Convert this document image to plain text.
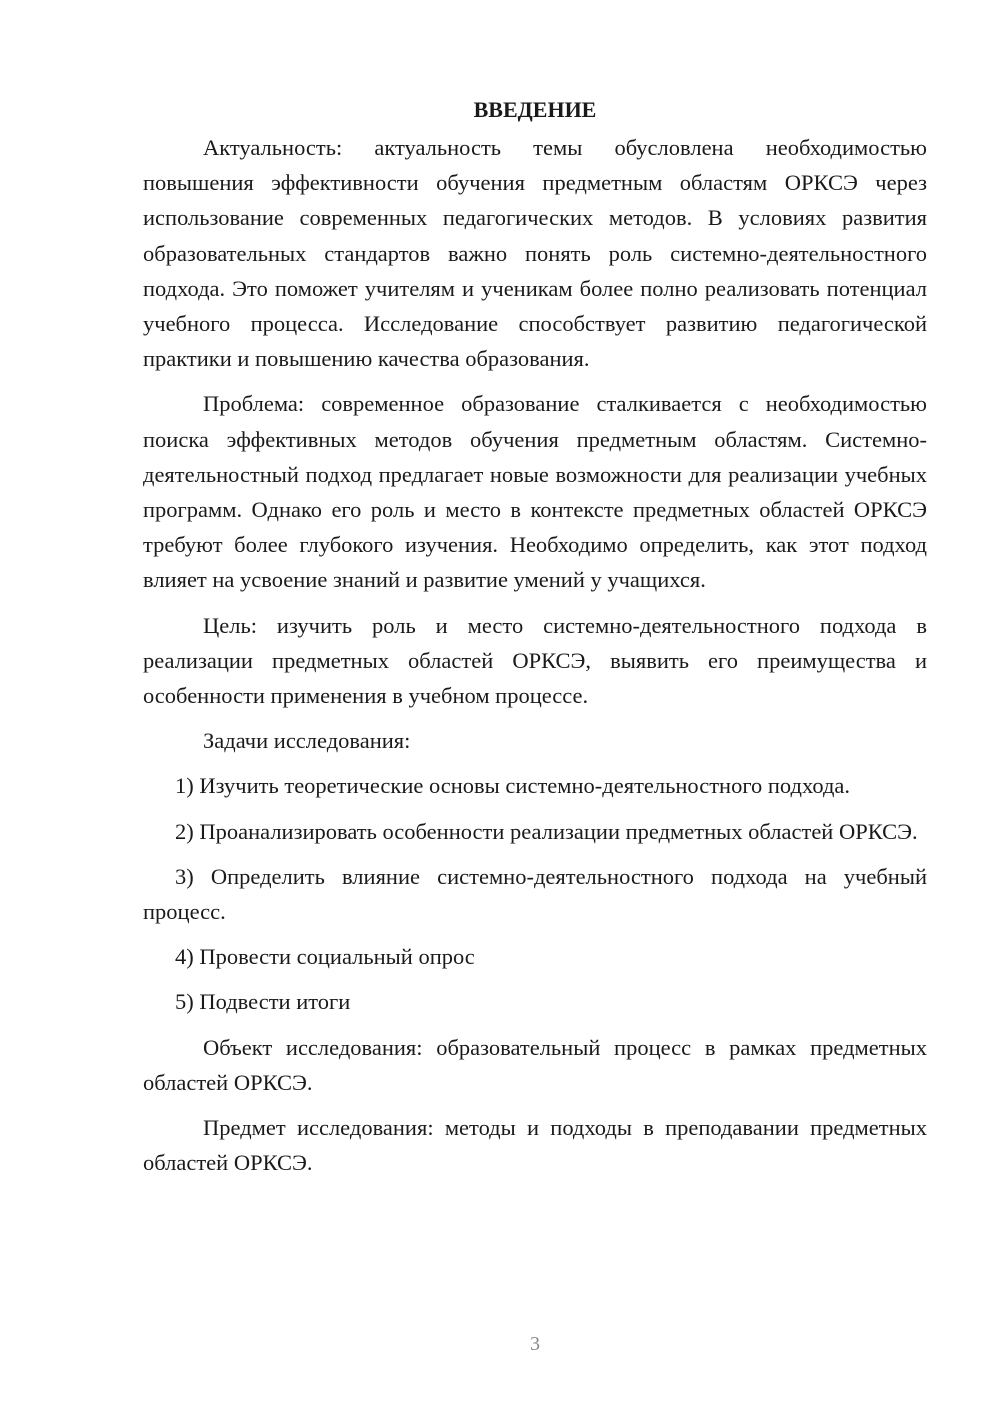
ВВЕДЕНИЕ

Актуальность: актуальность темы обусловлена необходимостью повышения эффективности обучения предметным областям ОРКСЭ через использование современных педагогических методов. В условиях развития образовательных стандартов важно понять роль системно-деятельностного подхода. Это поможет учителям и ученикам более полно реализовать потенциал учебного процесса. Исследование способствует развитию педагогической практики и повышению качества образования.

Проблема: современное образование сталкивается с необходимостью поиска эффективных методов обучения предметным областям. Системно-деятельностный подход предлагает новые возможности для реализации учебных программ. Однако его роль и место в контексте предметных областей ОРКСЭ требуют более глубокого изучения. Необходимо определить, как этот подход влияет на усвоение знаний и развитие умений у учащихся.

Цель: изучить роль и место системно-деятельностного подхода в реализации предметных областей ОРКСЭ, выявить его преимущества и особенности применения в учебном процессе.

Задачи исследования:

1) Изучить теоретические основы системно-деятельностного подхода.

2) Проанализировать особенности реализации предметных областей ОРКСЭ.

3) Определить влияние системно-деятельностного подхода на учебный процесс.

4) Провести социальный опрос

5) Подвести итоги

Объект исследования: образовательный процесс в рамках предметных областей ОРКСЭ.

Предмет исследования: методы и подходы в преподавании предметных областей ОРКСЭ.

3
